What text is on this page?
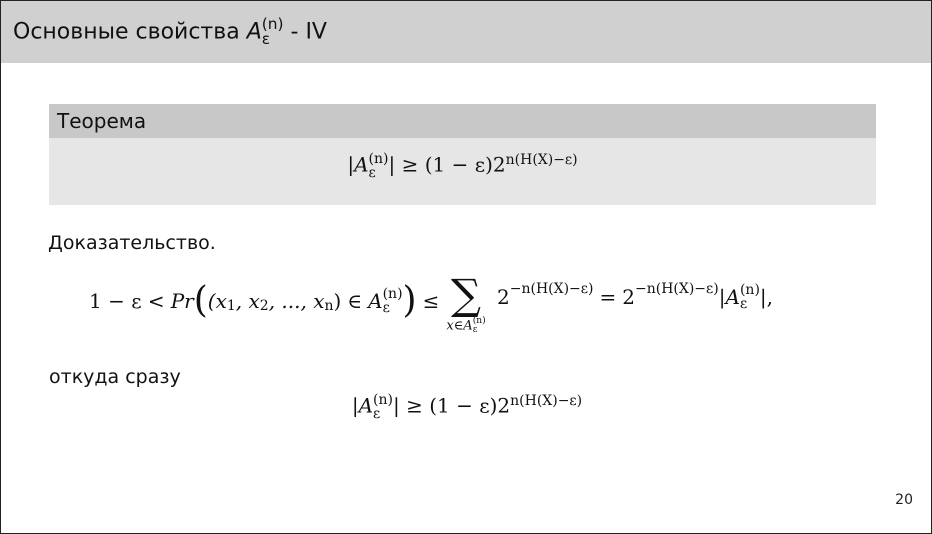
Основные свойства A (n)
ε - IV
Теорема
|A (n)
ε | ≥ $(1 - \varepsilon)2^{n(H(X)-\varepsilon)}$
Доказательство.
1 − ε < Pr ( (x 1 , x 2 , ..., x n ) ∈ A (n)
ε ) ≤ ∑
x∈A (n)
ε
2 −n(H(X)−ε) = 2 −n(H(X)−ε) | A (n)
ε |,
откуда сразу
|A (n)
ε | ≥ $(1 - \varepsilon)2^{n(H(X)-\varepsilon)}$
20
